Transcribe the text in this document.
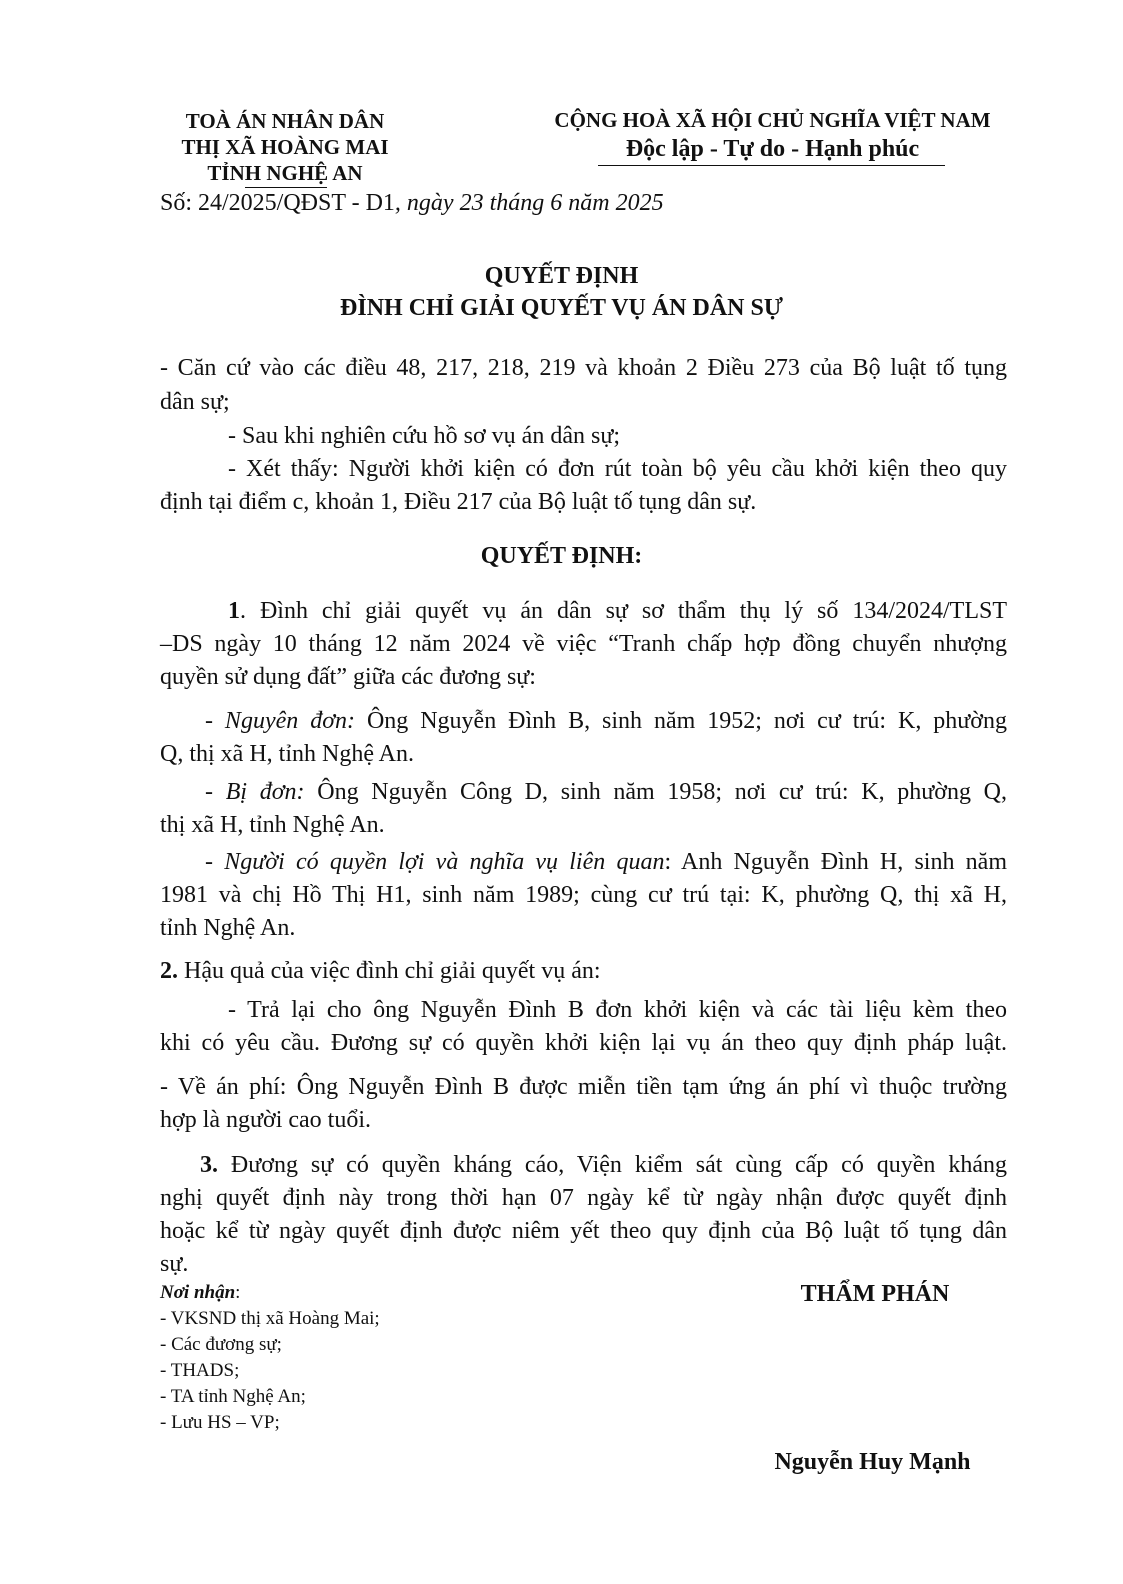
TOÀ ÁN NHÂN DÂN
THỊ XÃ HOÀNG MAI
TỈNH NGHỆ AN
CỘNG HOÀ XÃ HỘI CHỦ NGHĨA VIỆT NAM
Độc lập - Tự do - Hạnh phúc
Số: 24/2025/QĐST - D1, ngày 23 tháng 6 năm 2025
QUYẾT ĐỊNH
ĐÌNH CHỈ GIẢI QUYẾT VỤ ÁN DÂN SỰ
- Căn cứ vào các điều 48, 217, 218, 219 và khoản 2 Điều 273 của Bộ luật tố tụng
dân sự;
- Sau khi nghiên cứu hồ sơ vụ án dân sự;
- Xét thấy: Người khởi kiện có đơn rút toàn bộ yêu cầu khởi kiện theo quy
định tại điểm c, khoản 1, Điều 217 của Bộ luật tố tụng dân sự.
QUYẾT ĐỊNH:
1. Đình chỉ giải quyết vụ án dân sự sơ thẩm thụ lý số 134/2024/TLST
–DS ngày 10 tháng 12 năm 2024 về việc “Tranh chấp hợp đồng chuyển nhượng
quyền sử dụng đất” giữa các đương sự:
- Nguyên đơn: Ông Nguyễn Đình B, sinh năm 1952; nơi cư trú: K, phường
Q, thị xã H, tỉnh Nghệ An.
- Bị đơn: Ông Nguyễn Công D, sinh năm 1958; nơi cư trú: K, phường Q,
thị xã H, tỉnh Nghệ An.
- Người có quyền lợi và nghĩa vụ liên quan: Anh Nguyễn Đình H, sinh năm
1981 và chị Hồ Thị H1, sinh năm 1989; cùng cư trú tại: K, phường Q, thị xã H,
tỉnh Nghệ An.
2. Hậu quả của việc đình chỉ giải quyết vụ án:
- Trả lại cho ông Nguyễn Đình B đơn khởi kiện và các tài liệu kèm theo
khi có yêu cầu. Đương sự có quyền khởi kiện lại vụ án theo quy định pháp luật.
- Về án phí: Ông Nguyễn Đình B được miễn tiền tạm ứng án phí vì thuộc trường
hợp là người cao tuổi.
3. Đương sự có quyền kháng cáo, Viện kiểm sát cùng cấp có quyền kháng
nghị quyết định này trong thời hạn 07 ngày kể từ ngày nhận được quyết định
hoặc kể từ ngày quyết định được niêm yết theo quy định của Bộ luật tố tụng dân
sự.
Nơi nhận:
- VKSND thị xã Hoàng Mai;
- Các đương sự;
- THADS;
- TA tỉnh Nghệ An;
- Lưu HS – VP;
THẨM PHÁN
Nguyễn Huy Mạnh
